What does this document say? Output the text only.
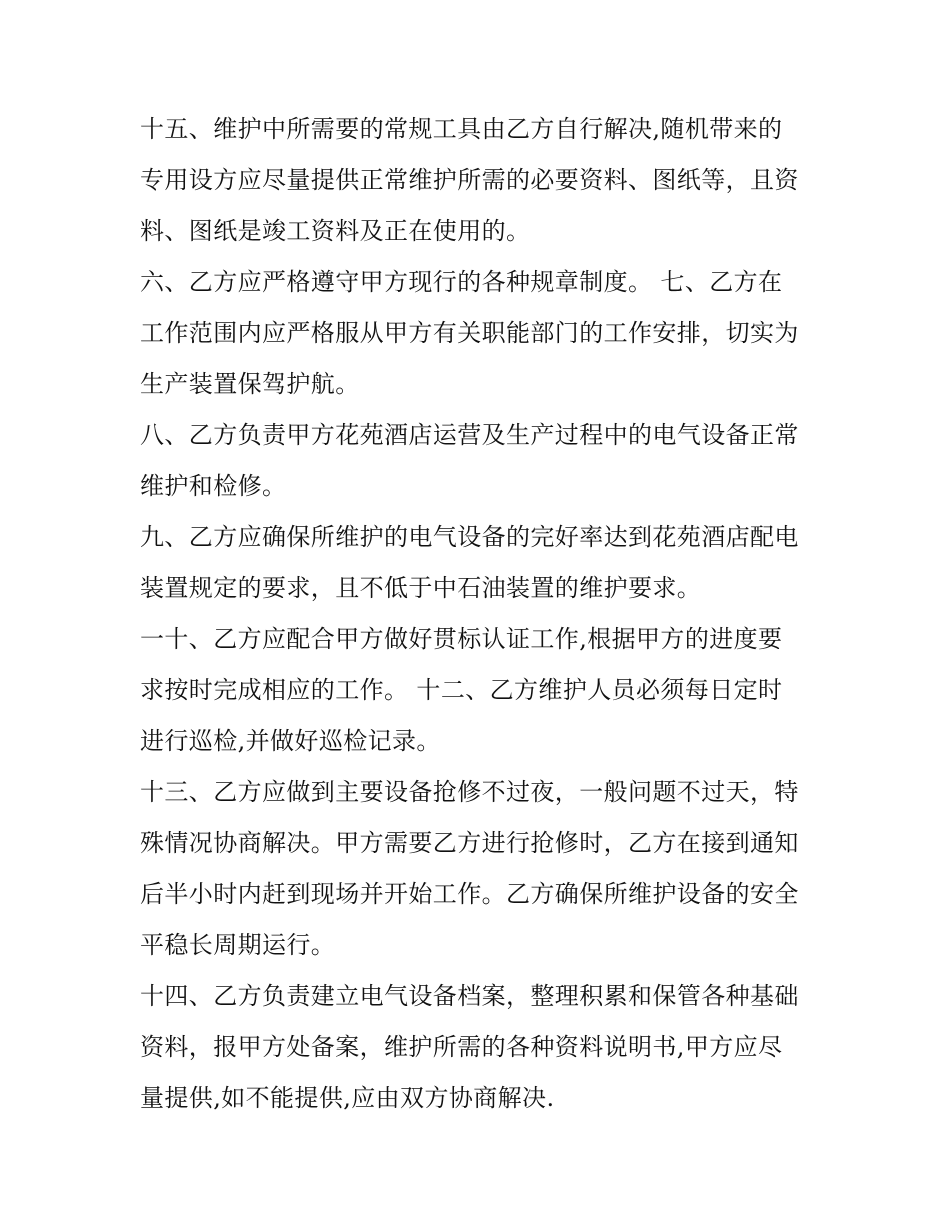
十五、维护中所需要的常规工具由乙方自行解决,随机带来的
专用设方应尽量提供正常维护所需的必要资料、图纸等，且资
料、图纸是竣工资料及正在使用的。
六、乙方应严格遵守甲方现行的各种规章制度。 七、乙方在
工作范围内应严格服从甲方有关职能部门的工作安排，切实为
生产装置保驾护航。
八、乙方负责甲方花苑酒店运营及生产过程中的电气设备正常
维护和检修。
九、乙方应确保所维护的电气设备的完好率达到花苑酒店配电
装置规定的要求，且不低于中石油装置的维护要求。
一十、乙方应配合甲方做好贯标认证工作,根据甲方的进度要
求按时完成相应的工作。 十二、乙方维护人员必须每日定时
进行巡检,并做好巡检记录。
十三、乙方应做到主要设备抢修不过夜，一般问题不过天，特
殊情况协商解决。甲方需要乙方进行抢修时，乙方在接到通知
后半小时内赶到现场并开始工作。乙方确保所维护设备的安全
平稳长周期运行。
十四、乙方负责建立电气设备档案，整理积累和保管各种基础
资料，报甲方处备案，维护所需的各种资料说明书,甲方应尽
量提供,如不能提供,应由双方协商解决.
